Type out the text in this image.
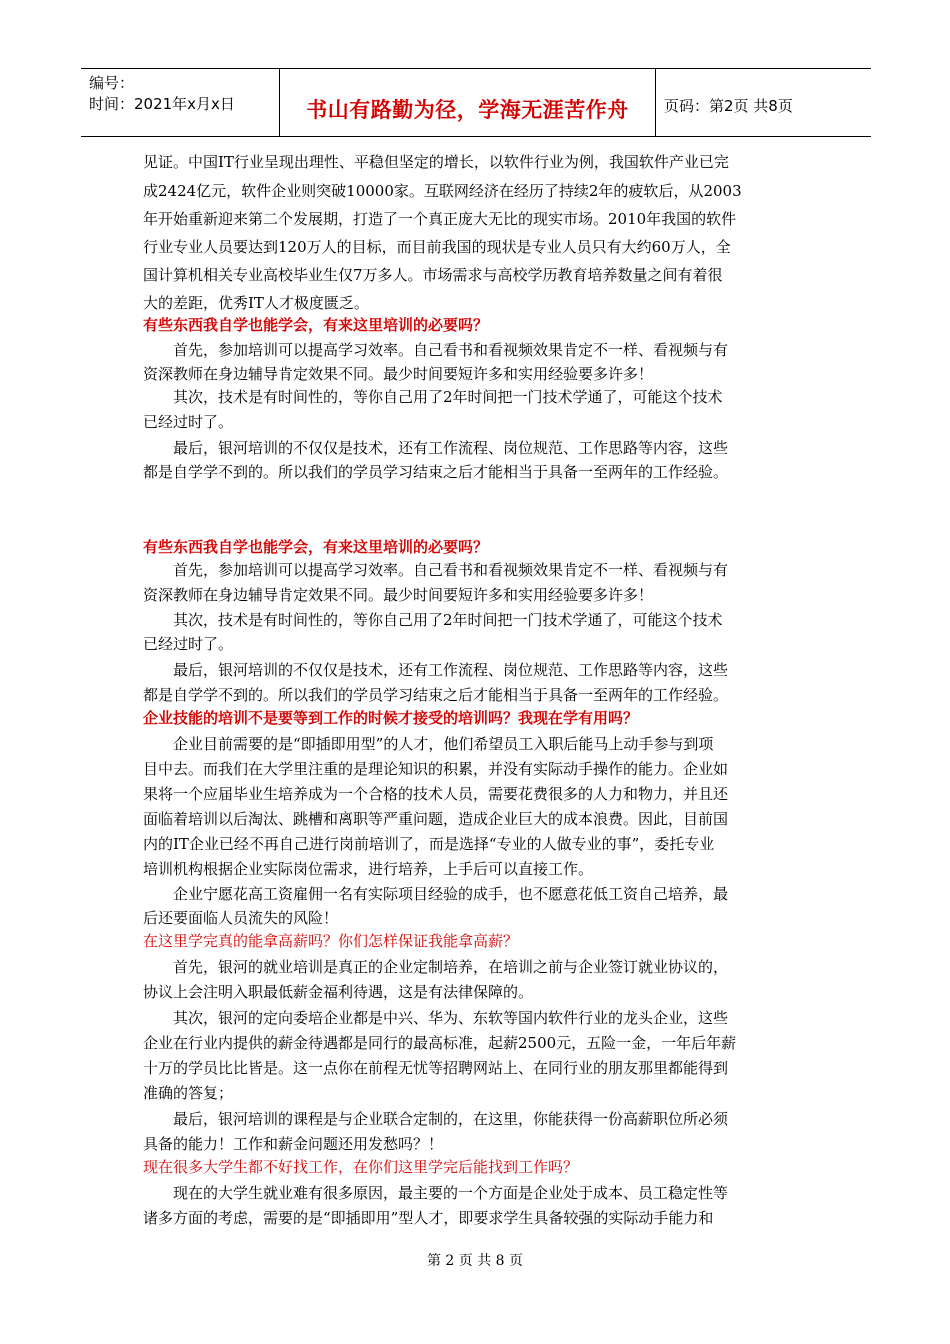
编号：
时间：2021年x月x日	书山有路勤为径，学海无涯苦作舟	页码：第2页 共8页
见证。中国IT行业呈现出理性、平稳但坚定的增长，以软件行业为例，我国软件产业已完
成2424亿元，软件企业则突破10000家。互联网经济在经历了持续2年的疲软后，从2003
年开始重新迎来第二个发展期，打造了一个真正庞大无比的现实市场。2010年我国的软件
行业专业人员要达到120万人的目标，而目前我国的现状是专业人员只有大约60万人，全
国计算机相关专业高校毕业生仅7万多人。市场需求与高校学历教育培养数量之间有着很
大的差距，优秀IT人才极度匮乏。
有些东西我自学也能学会，有来这里培训的必要吗？
首先，参加培训可以提高学习效率。自己看书和看视频效果肯定不一样、看视频与有
资深教师在身边辅导肯定效果不同。最少时间要短许多和实用经验要多许多！
其次，技术是有时间性的，等你自己用了2年时间把一门技术学通了，可能这个技术
已经过时了。
最后，银河培训的不仅仅是技术，还有工作流程、岗位规范、工作思路等内容，这些
都是自学学不到的。所以我们的学员学习结束之后才能相当于具备一至两年的工作经验。
有些东西我自学也能学会，有来这里培训的必要吗？
首先，参加培训可以提高学习效率。自己看书和看视频效果肯定不一样、看视频与有
资深教师在身边辅导肯定效果不同。最少时间要短许多和实用经验要多许多！
其次，技术是有时间性的，等你自己用了2年时间把一门技术学通了，可能这个技术
已经过时了。
最后，银河培训的不仅仅是技术，还有工作流程、岗位规范、工作思路等内容，这些
都是自学学不到的。所以我们的学员学习结束之后才能相当于具备一至两年的工作经验。
企业技能的培训不是要等到工作的时候才接受的培训吗？我现在学有用吗？
企业目前需要的是“即插即用型”的人才，他们希望员工入职后能马上动手参与到项
目中去。而我们在大学里注重的是理论知识的积累，并没有实际动手操作的能力。企业如
果将一个应届毕业生培养成为一个合格的技术人员，需要花费很多的人力和物力，并且还
面临着培训以后淘汰、跳槽和离职等严重问题，造成企业巨大的成本浪费。因此，目前国
内的IT企业已经不再自己进行岗前培训了，而是选择“专业的人做专业的事”，委托专业
培训机构根据企业实际岗位需求，进行培养，上手后可以直接工作。
企业宁愿花高工资雇佣一名有实际项目经验的成手，也不愿意花低工资自己培养，最
后还要面临人员流失的风险！
在这里学完真的能拿高薪吗？你们怎样保证我能拿高薪？
首先，银河的就业培训是真正的企业定制培养，在培训之前与企业签订就业协议的，
协议上会注明入职最低薪金福利待遇，这是有法律保障的。
其次，银河的定向委培企业都是中兴、华为、东软等国内软件行业的龙头企业，这些
企业在行业内提供的薪金待遇都是同行的最高标准，起薪2500元，五险一金，一年后年薪
十万的学员比比皆是。这一点你在前程无忧等招聘网站上、在同行业的朋友那里都能得到
准确的答复；
最后，银河培训的课程是与企业联合定制的，在这里，你能获得一份高薪职位所必须
具备的能力！工作和薪金问题还用发愁吗？！
现在很多大学生都不好找工作，在你们这里学完后能找到工作吗？
现在的大学生就业难有很多原因，最主要的一个方面是企业处于成本、员工稳定性等
诸多方面的考虑，需要的是“即插即用”型人才，即要求学生具备较强的实际动手能力和
第 2 页 共 8 页
